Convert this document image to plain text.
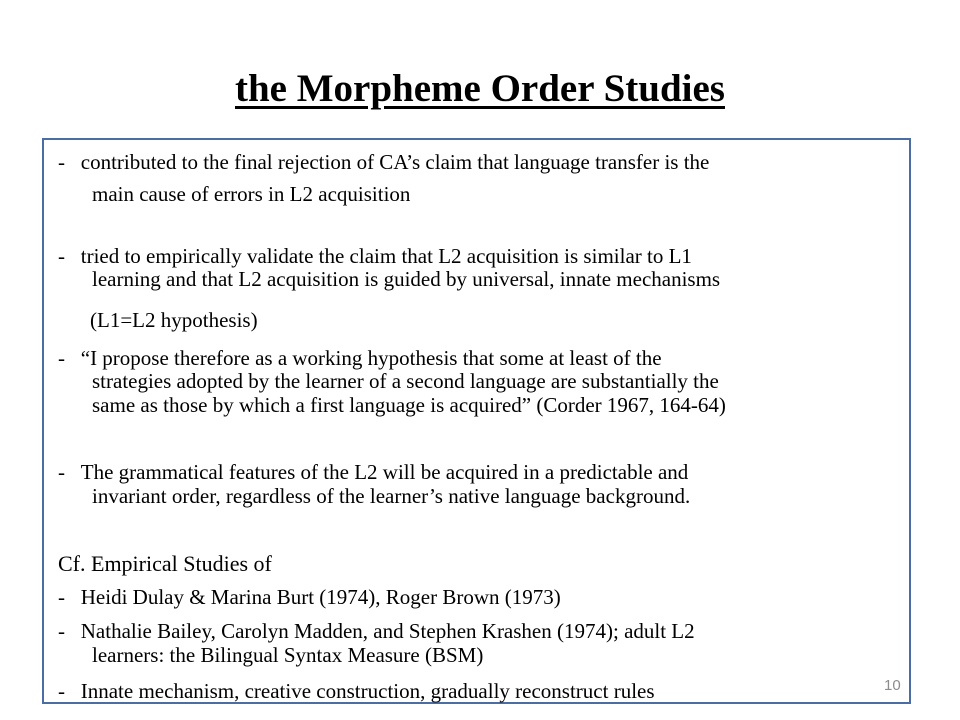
the Morpheme Order Studies
-   contributed to the final rejection of CA’s claim that language transfer is the
main cause of errors in L2 acquisition
-   tried to empirically validate the claim that L2 acquisition is similar to L1
learning and that L2 acquisition is guided by universal, innate mechanisms
(L1=L2 hypothesis)
-   “I propose therefore as a working hypothesis that some at least of the
strategies adopted by the learner of a second language are substantially the
same as those by which a first language is acquired” (Corder 1967, 164-64)
-   The grammatical features of the L2 will be acquired in a predictable and
invariant order, regardless of the learner’s native language background.
Cf. Empirical Studies of
-   Heidi Dulay & Marina Burt (1974), Roger Brown (1973)
-   Nathalie Bailey, Carolyn Madden, and Stephen Krashen (1974); adult L2
learners: the Bilingual Syntax Measure (BSM)
-   Innate mechanism, creative construction, gradually reconstruct rules	10
